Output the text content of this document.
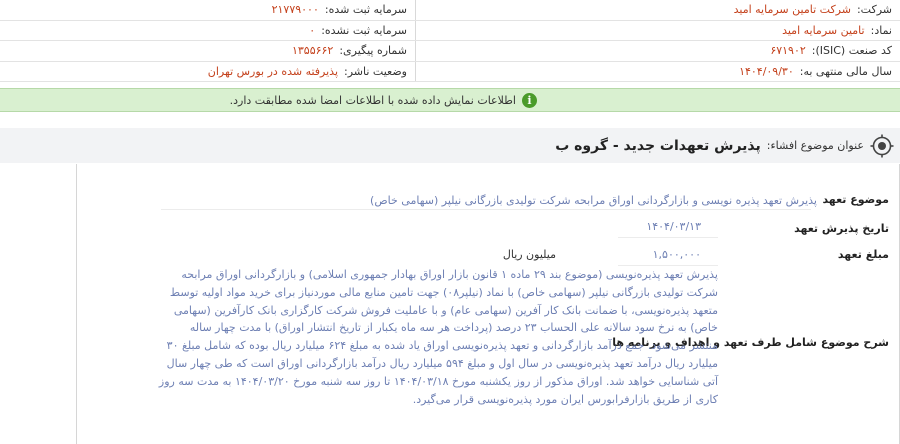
شرکت:
شرکت تامین سرمایه امید
سرمایه ثبت شده:
۲۱۷۷۹۰۰۰
نماد:
تامین سرمایه امید
سرمایه ثبت نشده:
۰
کد صنعت (ISIC):
۶۷۱۹۰۲
شماره پیگیری:
۱۳۵۵۶۶۲
سال مالی منتهی به:
۱۴۰۴/۰۹/۳۰
وضعیت ناشر:
پذیرفته شده در بورس تهران
i
اطلاعات نمایش داده شده با اطلاعات امضا شده مطابقت دارد.
عنوان موضوع افشاء:
پذیرش تعهدات جدید - گروه ب
موضوع تعهد
پذیرش تعهد پذیره نویسی و بازارگردانی اوراق مرابحه شرکت تولیدی بازرگانی نیلپر (سهامی خاص)
تاریخ پذیرش تعهد
۱۴۰۴/۰۳/۱۳
مبلغ تعهد
۱,۵۰۰,۰۰۰
میلیون ریال
شرح موضوع شامل طرف تعهد و اهداف و برنامه ها
پذیرش تعهد پذیره‌نویسی (موضوع بند ۲۹ ماده ۱ قانون بازار اوراق بهادار جمهوری اسلامی) و بازارگردانی اوراق مرابحه شرکت تولیدی بازرگانی نیلپر (سهامی خاص) با نماد (نیلپر۰۸) جهت تامین منابع مالی موردنیاز برای خرید مواد اولیه توسط متعهد پذیره‌نویسی، با ضمانت بانک کار آفرین (سهامی عام) و با عاملیت فروش شرکت کارگزاری بانک کارآفرین (سهامی خاص) به نرخ سود سالانه علی الحساب ۲۳ درصد (پرداخت هر سه ماه یکبار از تاریخ انتشار اوراق) با مدت چهار ساله منتشر می‌شود. جمع درآمد بازارگردانی و تعهد پذیره‌نویسی اوراق یاد شده به مبلغ ۶۲۴ میلیارد ریال بوده که شامل مبلغ ۳۰ میلیارد ریال درآمد تعهد پذیره‌نویسی در سال اول و مبلغ ۵۹۴ میلیارد ریال درآمد بازارگردانی اوراق است که طی چهار سال آتی شناسایی خواهد شد. اوراق مذکور از روز یکشنبه مورخ ۱۴۰۴/۰۳/۱۸ تا روز سه شنبه مورخ ۱۴۰۴/۰۳/۲۰ به مدت سه روز کاری از طریق بازارفرابورس ایران مورد پذیره‌نویسی قرار می‌گیرد.
